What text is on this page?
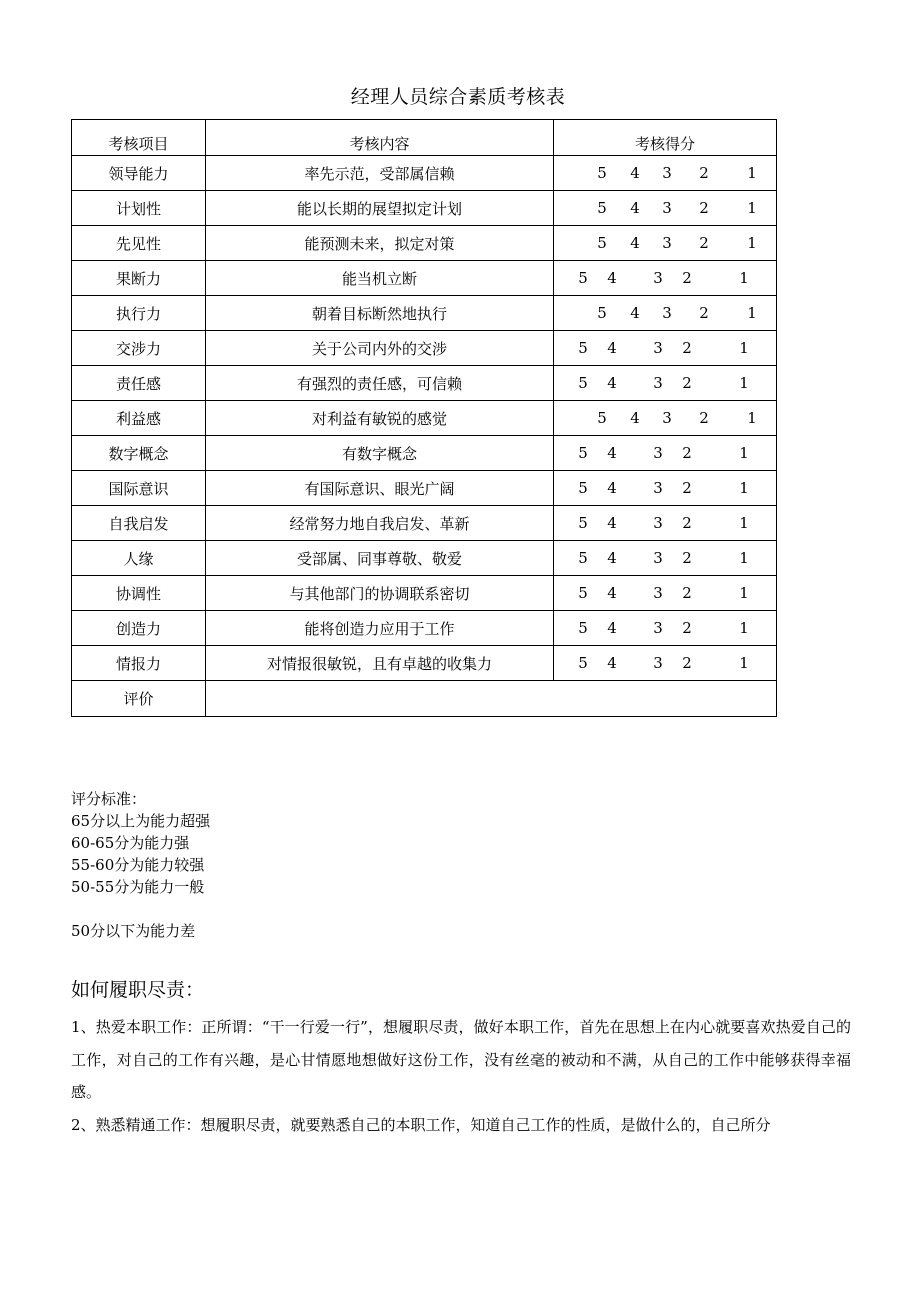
经理人员综合素质考核表
考核项目	考核内容	考核得分
领导能力	率先示范，受部属信赖	5 4 3 2 1

计划性	能以长期的展望拟定计划	5 4 3 2 1

先见性	能预测未来，拟定对策	5 4 3 2 1

果断力	能当机立断	5 4 3 2 1

执行力	朝着目标断然地执行	5 4 3 2 1

交涉力	关于公司内外的交涉	5 4 3 2 1

责任感	有强烈的责任感，可信赖	5 4 3 2 1

利益感	对利益有敏锐的感觉	5 4 3 2 1

数字概念	有数字概念	5 4 3 2 1

国际意识	有国际意识、眼光广阔	5 4 3 2 1

自我启发	经常努力地自我启发、革新	5 4 3 2 1

人缘	受部属、同事尊敬、敬爱	5 4 3 2 1

协调性	与其他部门的协调联系密切	5 4 3 2 1

创造力	能将创造力应用于工作	5 4 3 2 1

情报力	对情报很敏锐，且有卓越的收集力	5 4 3 2 1

评价		
评分标准：
65分以上为能力超强
60-65分为能力强
55-60分为能力较强
50-55分为能力一般
50分以下为能力差
如何履职尽责：

1、热爱本职工作：正所谓：“干一行爱一行”，想履职尽责，做好本职工作，首先在思想上在内心就要喜欢热爱自己的工作，对自己的工作有兴趣，是心甘情愿地想做好这份工作，没有丝毫的被动和不满，从自己的工作中能够获得幸福感。

2、熟悉精通工作：想履职尽责，就要熟悉自己的本职工作，知道自己工作的性质，是做什么的，自己所分
